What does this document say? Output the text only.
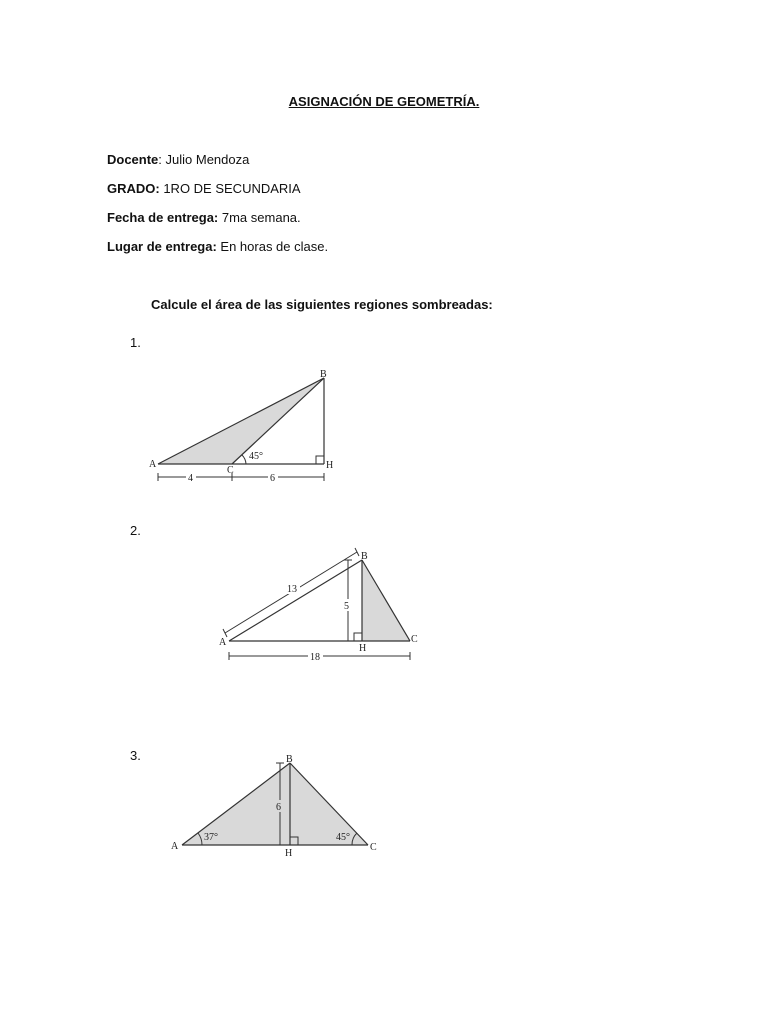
ASIGNACIÓN DE GEOMETRÍA.
Docente: Julio Mendoza
GRADO: 1RO DE SECUNDARIA
Fecha de entrega: 7ma semana.
Lugar de entrega: En horas de clase.
Calcule el área de las siguientes regiones sombreadas:
1.
A
B
C	H
45°
4	6
2.
A
B
C
H
13
5
18
3.
A
B
C
H
6
37°	45°
